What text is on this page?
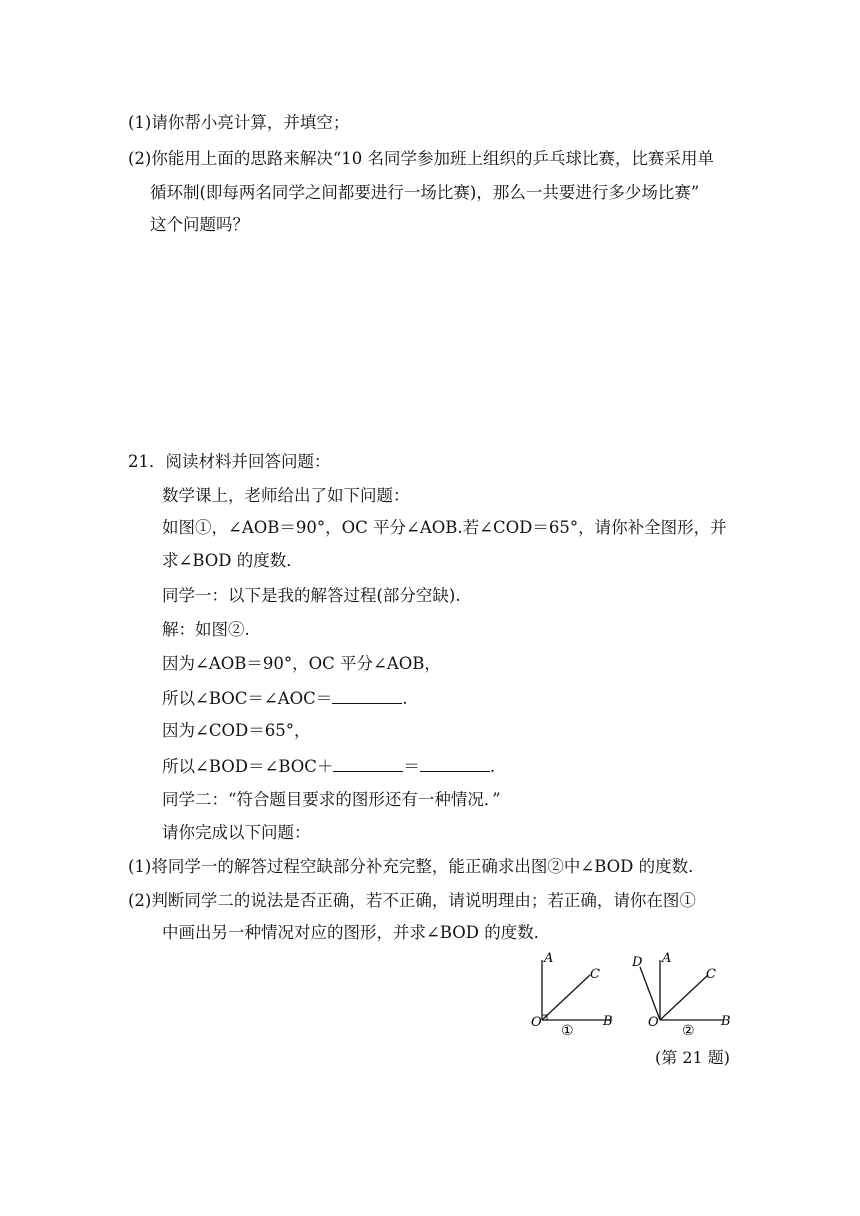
(1)请你帮小亮计算，并填空；
(2)你能用上面的思路来解决“10 名同学参加班上组织的乒乓球比赛，比赛采用单
循环制(即每两名同学之间都要进行一场比赛)，那么一共要进行多少场比赛”
这个问题吗？
21．阅读材料并回答问题：
数学课上，老师给出了如下问题：
如图①，∠AOB＝90°，OC 平分∠AOB.若∠COD＝65°，请你补全图形，并
求∠BOD 的度数．
同学一：以下是我的解答过程(部分空缺).
解：如图②.
因为∠AOB＝90°，OC 平分∠AOB，
所以∠BOC＝∠AOC＝	.
因为∠COD＝65°，
所以∠BOD＝∠BOC＋	＝	.
同学二：“符合题目要求的图形还有一种情况．”
请你完成以下问题：
(1)将同学一的解答过程空缺部分补充完整，能正确求出图②中∠BOD 的度数．
(2)判断同学二的说法是否正确，若不正确，请说明理由；若正确，请你在图①
中画出另一种情况对应的图形，并求∠BOD 的度数．
A
C
O	B
①
D A
C
O	B
②
(第 21 题)
